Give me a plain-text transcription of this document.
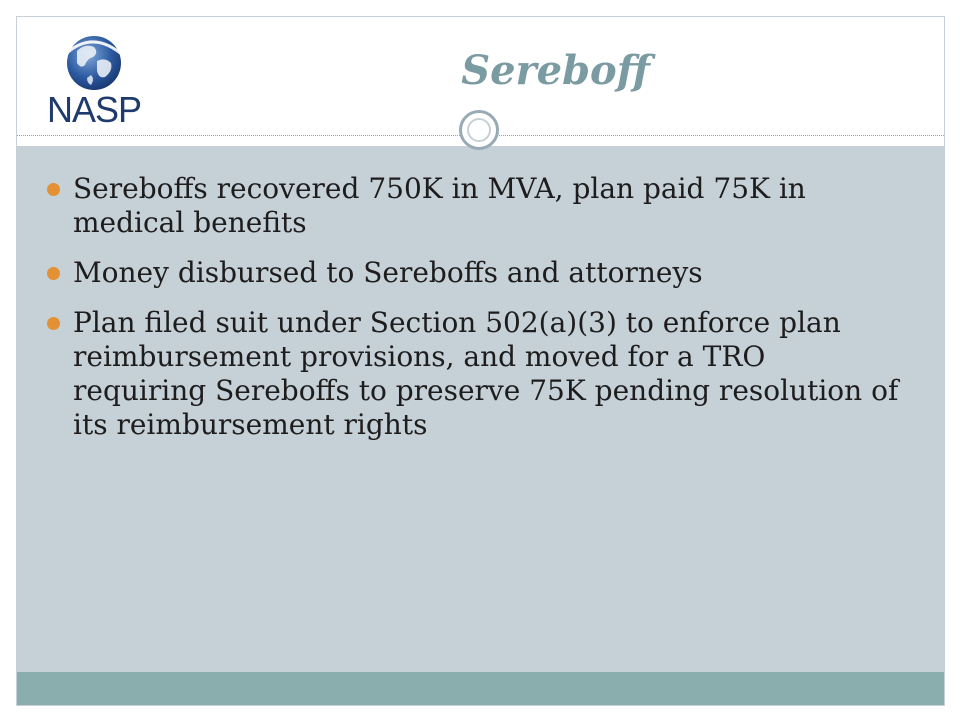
NASP
Sereboff
Sereboffs recovered 750K in MVA, plan paid 75K in medical benefits
Money disbursed to Sereboffs and attorneys
Plan filed suit under Section 502(a)(3) to enforce plan reimbursement provisions, and moved for a TRO requiring Sereboffs to preserve 75K pending resolution of its reimbursement rights
